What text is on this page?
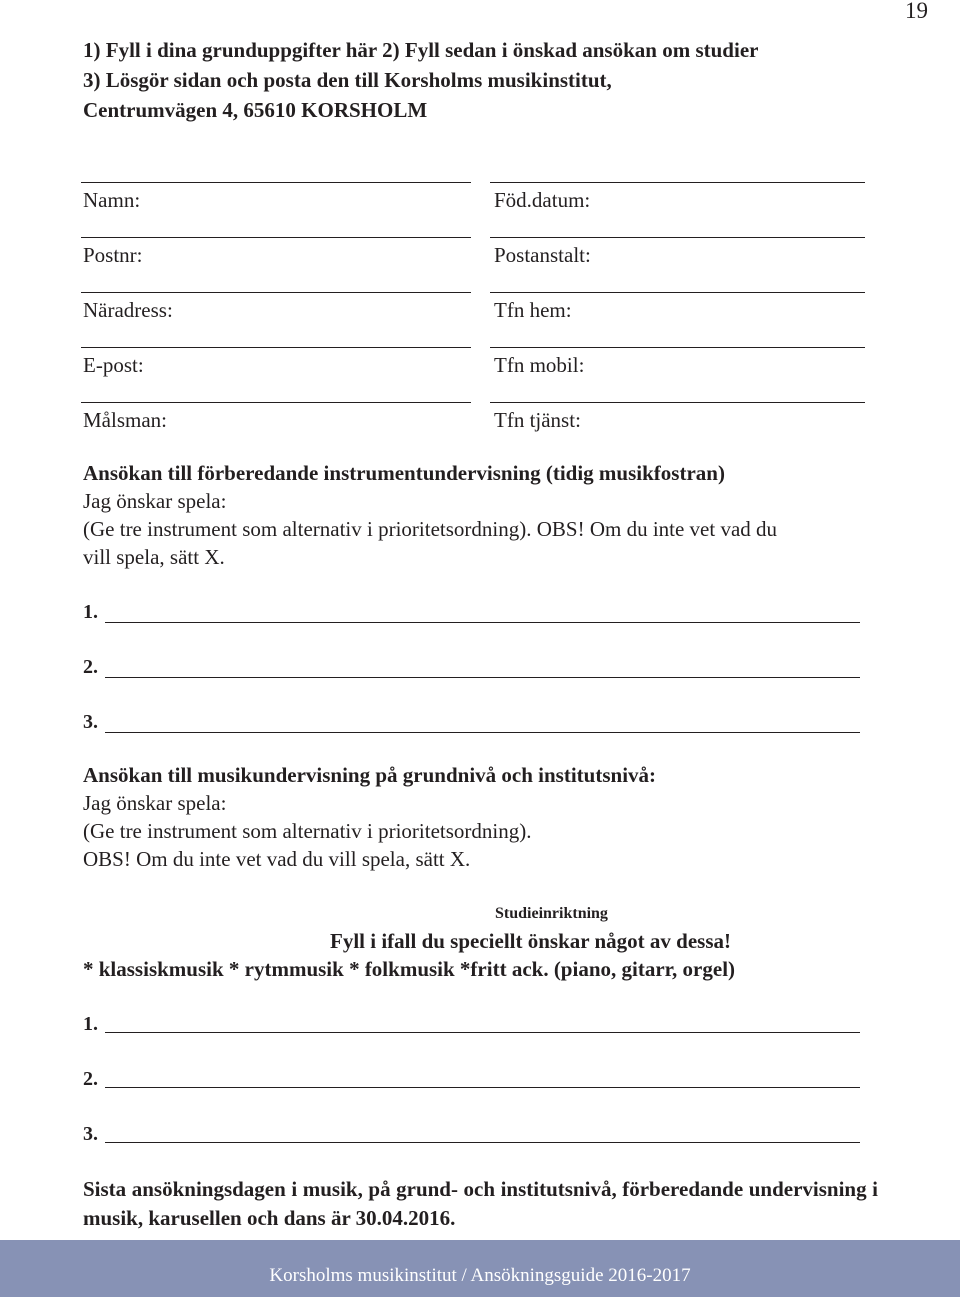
19
1) Fyll i dina grunduppgifter här 2) Fyll sedan i önskad ansökan om studier
3) Lösgör sidan och posta den till Korsholms musikinstitut,
Centrumvägen 4, 65610 KORSHOLM
Namn:
Postnr:
Näradress:
E-post:
Målsman:
Föd.datum:
Postanstalt:
Tfn hem:
Tfn mobil:
Tfn tjänst:
Ansökan till förberedande instrumentundervisning (tidig musikfostran)
Jag önskar spela:
(Ge tre instrument som alternativ i prioritetsordning). OBS! Om du inte vet vad du
vill spela, sätt X.
1.
2.
3.
Ansökan till musikundervisning på grundnivå och institutsnivå:
Jag önskar spela:
(Ge tre instrument som alternativ i prioritetsordning).
OBS! Om du inte vet vad du vill spela, sätt X.
Studieinriktning
Fyll i ifall du speciellt önskar något av dessa!
* klassiskmusik * rytmmusik * folkmusik *fritt ack. (piano, gitarr, orgel)
1.
2.
3.
Sista ansökningsdagen i musik, på grund- och institutsnivå, förberedande undervisning i musik, karusellen och dans är 30.04.2016.
Korsholms musikinstitut / Ansökningsguide 2016-2017
